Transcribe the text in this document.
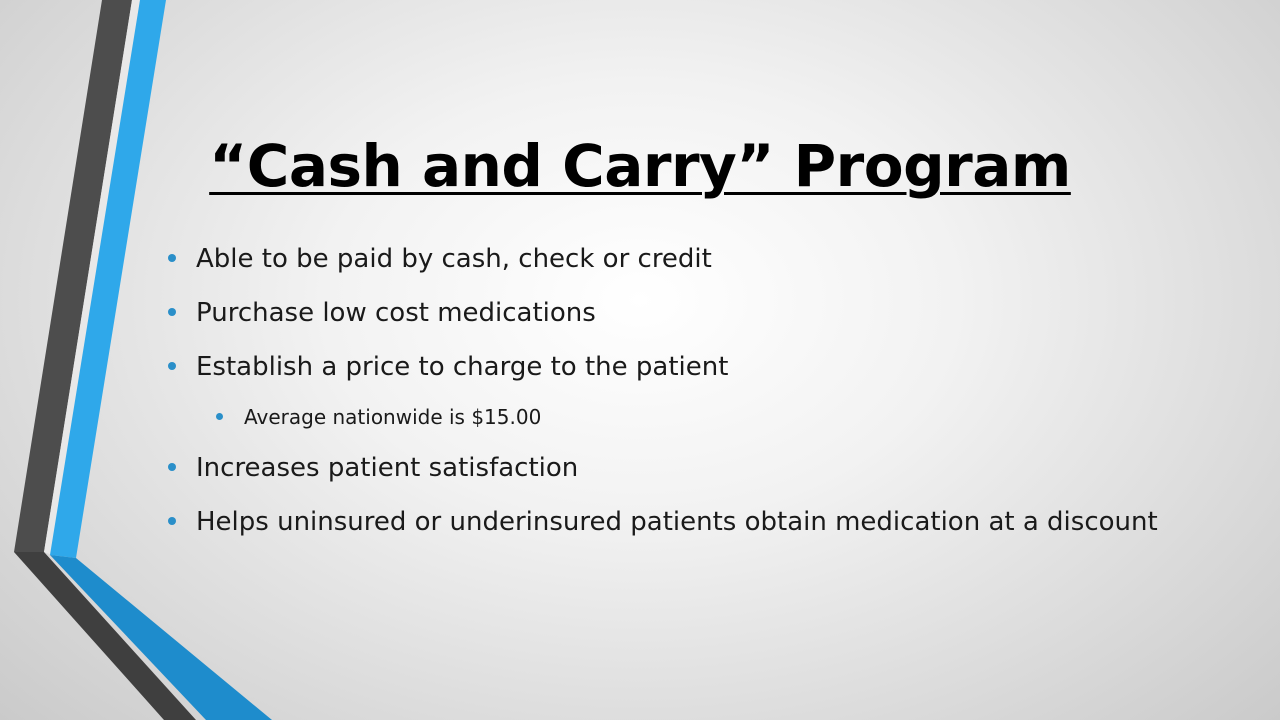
“Cash and Carry” Program
Able to be paid by cash, check or credit
Purchase low cost medications
Establish a price to charge to the patient
Average nationwide is $15.00
Increases patient satisfaction
Helps uninsured or underinsured patients obtain medication at a discount
